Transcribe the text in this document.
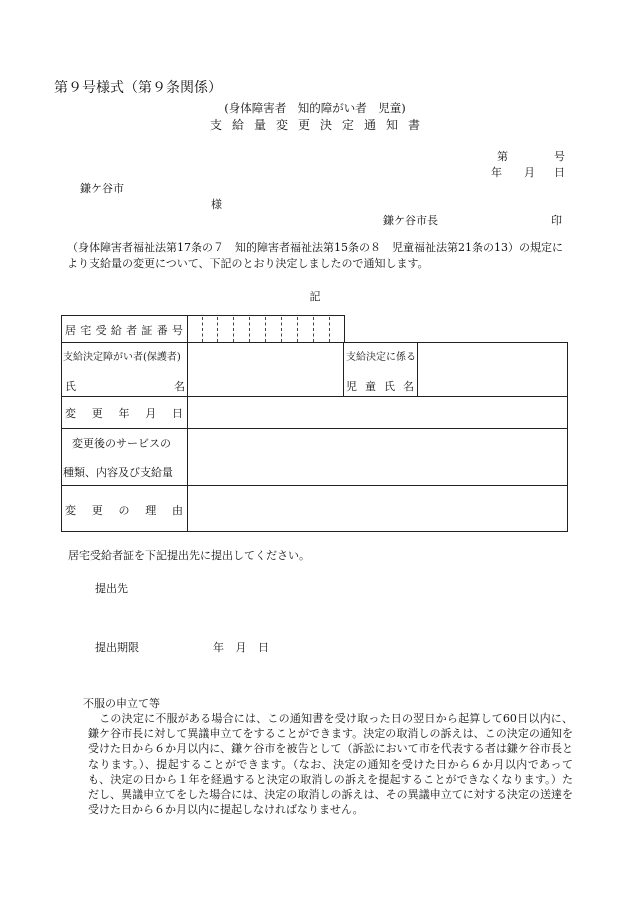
第９号様式（第９条関係）
(身体障害者　知的障がい者　児童)
支給量変更決定通知書
第	号
年 月 日
鎌ケ谷市
様
鎌ケ谷市長	印
（身体障害者福祉法第17条の７　知的障害者福祉法第15条の８　児童福祉法第21条の13）の規定により支給量の変更について、下記のとおり決定しましたので通知します。
記
居 宅 受 給 者 証 番 号
支給決定障がい者(保護者)
氏	名
支給決定に係る
児 童 氏 名
変 更 年 月 日
変更後のサービスの
種類、内容及び支給量
変 更 の 理 由
居宅受給者証を下記提出先に提出してください。
提出先
提出期限	年 月 日
不服の申立て等
　この決定に不服がある場合には、この通知書を受け取った日の翌日から起算して60日以内に、鎌ケ谷市長に対して異議申立てをすることができます。決定の取消しの訴えは、この決定の通知を受けた日から６か月以内に、鎌ケ谷市を被告として（訴訟において市を代表する者は鎌ケ谷市長となります。）、提起することができます。（なお、決定の通知を受けた日から６か月以内であっても、決定の日から１年を経過すると決定の取消しの訴えを提起することができなくなります。）ただし、異議申立てをした場合には、決定の取消しの訴えは、その異議申立てに対する決定の送達を受けた日から６か月以内に提起しなければなりません。
